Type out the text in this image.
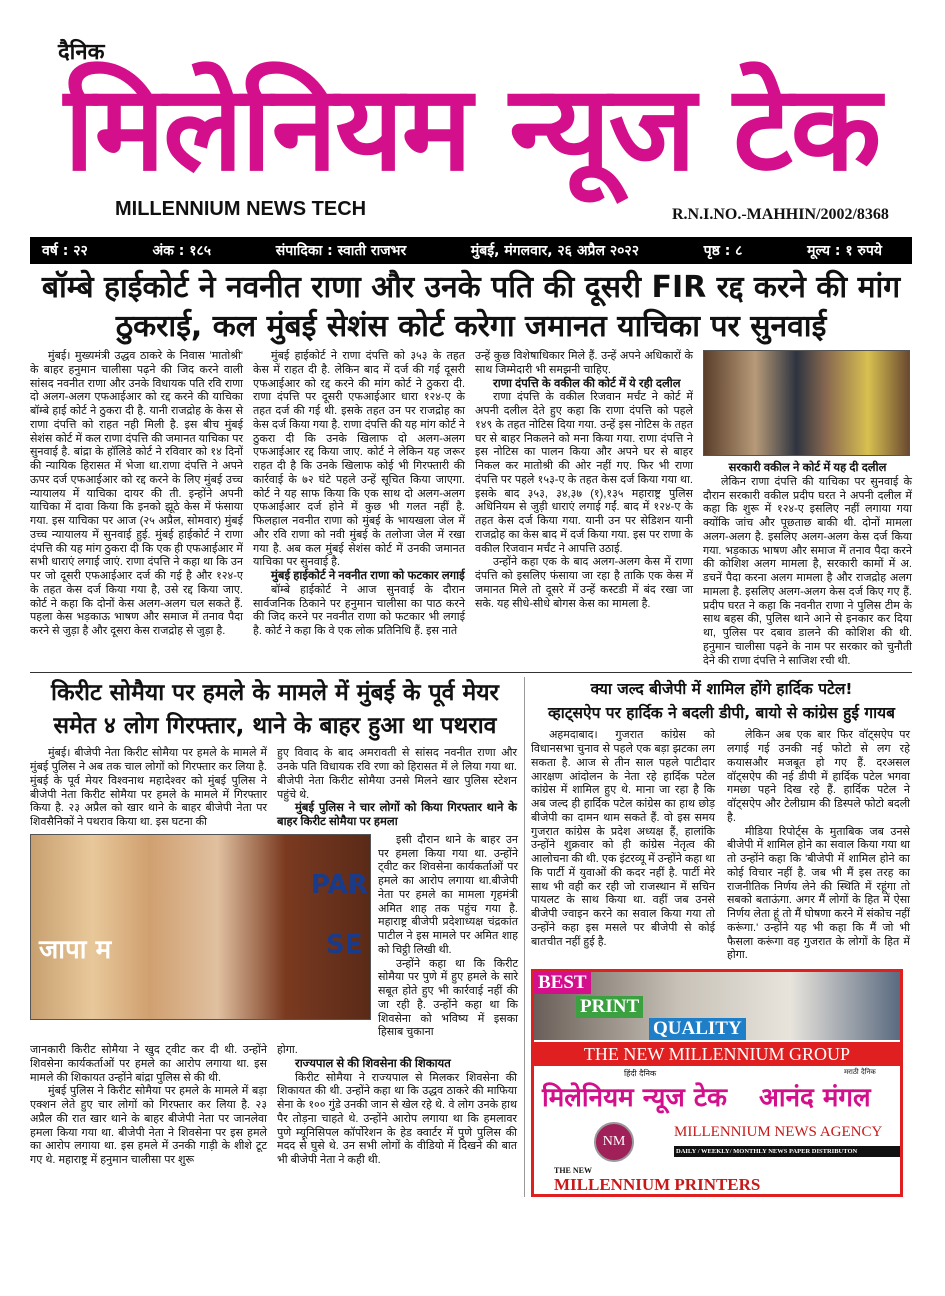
दैनिक
मिलेनियम न्यूज टेक
MILLENNIUM NEWS TECH	R.N.I.NO.-MAHHIN/2002/8368
वर्ष : २२	अंक : १८५	संपादिका : स्वाती राजभर	मुंबई, मंगलवार, २६ अप्रैल २०२२	पृष्ठ : ८	मूल्य : १ रुपये
बॉम्बे हाईकोर्ट ने नवनीत राणा और उनके पति की दूसरी FIR रद्द करने की मांग ठुकराई, कल मुंबई सेशंस कोर्ट करेगा जमानत याचिका पर सुनवाई

मुंबई। मुख्यमंत्री उद्धव ठाकरे के निवास 'मातोश्री' के बाहर हनुमान चालीसा पढ़ने की जिद करने वाली सांसद नवनीत राणा और उनके विधायक पति रवि राणा दो अलग-अलग एफआईआर को रद्द करने की याचिका बॉम्बे हाई कोर्ट ने ठुकरा दी है. यानी राजद्रोह के केस से राणा दंपत्ति को राहत नही मिली है. इस बीच मुंबई सेशंस कोर्ट में कल राणा दंपत्ति की जमानत याचिका पर सुनवाई है. बांद्रा के हॉलिडे कोर्ट ने रविवार को १४ दिनों की न्यायिक हिरासत में भेजा था.राणा दंपत्ति ने अपने ऊपर दर्ज एफआईआर को रद्द करने के लिए मुंबई उच्च न्यायालय में याचिका दायर की ती. इन्होंने अपनी याचिका में दावा किया कि इनको झूठे केस में फंसाया गया. इस याचिका पर आज (२५ अप्रैल, सोमवार) मुंबई उच्च न्यायालय में सुनवाई हुई. मुंबई हाईकोर्ट ने राणा दंपत्ति की यह मांग ठुकरा दी कि एक ही एफआईआर में सभी धाराएं लगाई जाएं. राणा दंपत्ति ने कहा था कि उन पर जो दूसरी एफआईआर दर्ज की गई है और १२४-ए के तहत केस दर्ज किया गया है, उसे रद्द किया जाए. कोर्ट ने कहा कि दोनों केस अलग-अलग चल सकते हैं. पहला केस भड़काऊ भाषण और समाज में तनाव पैदा करने से जुड़ा है और दूसरा केस राजद्रोह से जुड़ा है.

मुंबई हाईकोर्ट ने राणा दंपत्ति को ३५३ के तहत केस में राहत दी है. लेकिन बाद में दर्ज की गई दूसरी एफआईआर को रद्द करने की मांग कोर्ट ने ठुकरा दी. राणा दंपत्ति पर दूसरी एफआईआर धारा १२४-ए के तहत दर्ज की गई थी. इसके तहत उन पर राजद्रोह का केस दर्ज किया गया है. राणा दंपत्ति की यह मांग कोर्ट ने ठुकरा दी कि उनके खिलाफ दो अलग-अलग एफआईआर रद्द किया जाए. कोर्ट ने लेकिन यह जरूर राहत दी है कि उनके खिलाफ कोई भी गिरफ्तारी की कार्रवाई के ७२ घंटे पहले उन्हें सूचित किया जाएगा. कोर्ट ने यह साफ किया कि एक साथ दो अलग-अलग एफआईआर दर्ज होने में कुछ भी गलत नहीं है. फिलहाल नवनीत राणा को मुंबई के भायखला जेल में और रवि राणा को नवी मुंबई के तलोजा जेल में रखा गया है. अब कल मुंबई सेशंस कोर्ट में उनकी जमानत याचिका पर सुनवाई है.

मुंबई हाईकोर्ट ने नवनीत राणा को फटकार लगाई

बॉम्बे हाईकोर्ट ने आज सुनवाई के दौरान सार्वजनिक ठिकाने पर हनुमान चालीसा का पाठ करने की जिद करने पर नवनीत राणा को फटकार भी लगाई है. कोर्ट ने कहा कि वे एक लोक प्रतिनिधि हैं. इस नाते

उन्हें कुछ विशेषाधिकार मिले हैं. उन्हें अपने अधिकारों के साथ जिम्मेदारी भी समझनी चाहिए.

राणा दंपत्ति के वकील की कोर्ट में ये रही दलील

राणा दंपत्ति के वकील रिजवान मर्चंट ने कोर्ट में अपनी दलील देते हुए कहा कि राणा दंपत्ति को पहले १४९ के तहत नोटिस दिया गया. उन्हें इस नोटिस के तहत घर से बाहर निकलने को मना किया गया. राणा दंपत्ति ने इस नोटिस का पालन किया और अपने घर से बाहर निकल कर मातोश्री की ओर नहीं गए. फिर भी राणा दंपत्ति पर पहले १५३-ए के तहत केस दर्ज किया गया था. इसके बाद ३५३, ३४,३७ (१),१३५ महाराष्ट्र पुलिस अधिनियम से जुड़ी धाराएं लगाई गईं. बाद में १२४-ए के तहत केस दर्ज किया गया. यानी उन पर सेडिशन यानी राजद्रोह का केस बाद में दर्ज किया गया. इस पर राणा के वकील रिजवान मर्चंट ने आपत्ति उठाई.

उन्होंने कहा एक के बाद अलग-अलग केस में राणा दंपत्ति को इसलिए फंसाया जा रहा है ताकि एक केस में जमानत मिले तो दूसरे में उन्हें कस्टडी में बंद रखा जा सके. यह सीधे-सीधे बोगस केस का मामला है.

सरकारी वकील ने कोर्ट में यह दी दलील

लेकिन राणा दंपत्ति की याचिका पर सुनवाई के दौरान सरकारी वकील प्रदीप घरत ने अपनी दलील में कहा कि शुरू में १२४-ए इसलिए नहीं लगाया गया क्योंकि जांच और पूछताछ बाकी थी. दोनों मामला अलग-अलग है. इसलिए अलग-अलग केस दर्ज किया गया. भड़काऊ भाषण और समाज में तनाव पैदा करने की कोशिश अलग मामला है, सरकारी कामों में अ. डचनें पैदा करना अलग मामला है और राजद्रोह अलग मामला है. इसलिए अलग-अलग केस दर्ज किए गए हैं. प्रदीप घरत ने कहा कि नवनीत राणा ने पुलिस टीम के साथ बहस की, पुलिस थाने आने से इनकार कर दिया था, पुलिस पर दबाव डालने की कोशिश की थी. हनुमान चालीसा पढ़ने के नाम पर सरकार को चुनौती देने की राणा दंपत्ति ने साजिश रची थी.

किरीट सोमैया पर हमले के मामले में मुंबई के पूर्व मेयर समेत ४ लोग गिरफ्तार, थाने के बाहर हुआ था पथराव

मुंबई। बीजेपी नेता किरीट सोमैया पर हमले के मामले में मुंबई पुलिस ने अब तक चाल लोगों को गिरफ्तार कर लिया है. मुंबई के पूर्व मेयर विश्वनाथ महादेश्वर को मुंबई पुलिस ने बीजेपी नेता किरीट सोमैया पर हमले के मामले में गिरफ्तार किया है. २३ अप्रैल को खार थाने के बाहर बीजेपी नेता पर शिवसैनिकों ने पथराव किया था. इस घटना की

हुए विवाद के बाद अमरावती से सांसद नवनीत राणा और उनके पति विधायक रवि रणा को हिरासत में ले लिया गया था. बीजेपी नेता किरीट सोमैया उनसे मिलने खार पुलिस स्टेशन पहुंचे थे.

मुंबई पुलिस ने चार लोगों को किया गिरफ्तार थाने के बाहर किरीट सोमैया पर हमला
जापा म
PAR
SE

इसी दौरान थाने के बाहर उन पर हमला किया गया था. उन्होंने ट्वीट कर शिवसेना कार्यकर्ताओं पर हमले का आरोप लगाया था.बीजेपी नेता पर हमले का मामला गृहमंत्री अमित शाह तक पहुंच गया है. महाराष्ट्र बीजेपी प्रदेशाध्यक्ष चंद्रकांत पाटील ने इस मामले पर अमित शाह को चिट्ठी लिखी थी.

उन्होंने कहा था कि किरीट सोमैया पर पुणे में हुए हमले के सारे सबूत होते हुए भी कार्रवाई नहीं की जा रही है. उन्होंने कहा था कि शिवसेना को भविष्य में इसका हिसाब चुकाना

जानकारी किरीट सोमैया ने खुद ट्वीट कर दी थी. उन्होंने शिवसेना कार्यकर्ताओं पर हमले का आरोप लगाया था. इस मामले की शिकायत उन्होंने बांद्रा पुलिस से की थी.

मुंबई पुलिस ने किरीट सोमैया पर हमले के मामले में बड़ा एक्शन लेते हुए चार लोगों को गिरफ्तार कर लिया है. २३ अप्रैल की रात खार थाने के बाहर बीजेपी नेता पर जानलेवा हमला किया गया था. बीजेपी नेता ने शिवसेना पर इस हमले का आरोप लगाया था. इस हमले में उनकी गाड़ी के शीशे टूट गए थे. महाराष्ट्र में हनुमान चालीसा पर शुरू

होगा.

राज्यपाल से की शिवसेना की शिकायत

किरीट सोमैया ने राज्यपाल से मिलकर शिवसेना की शिकायत की थी. उन्होंने कहा था कि उद्धव ठाकरे की माफिया सेना के १०० गुंडे उनकी जान से खेल रहे थे. वे लोग उनके हाथ पैर तोड़ना चाहते थे. उन्होंने आरोप लगाया था कि हमलावर पुणे म्यूनिसिपल कॉर्पोरेशन के हेड क्वार्टर में पुणे पुलिस की मदद से घुसे थे. उन सभी लोगों के वीडियो में दिखने की बात भी बीजेपी नेता ने कही थी.

क्या जल्द बीजेपी में शामिल होंगे हार्दिक पटेल!
व्हाट्सऐप पर हार्दिक ने बदली डीपी, बायो से कांग्रेस हुई गायब

अहमदाबाद। गुजरात कांग्रेस को विधानसभा चुनाव से पहले एक बड़ा झटका लग सकता है. आज से तीन साल पहले पाटीदार आरक्षण आंदोलन के नेता रहे हार्दिक पटेल कांग्रेस में शामिल हुए थे. माना जा रहा है कि अब जल्द ही हार्दिक पटेल कांग्रेस का हाथ छोड़ बीजेपी का दामन थाम सकते हैं. वो इस समय गुजरात कांग्रेस के प्रदेश अध्यक्ष हैं, हालांकि उन्होंने शुक्रवार को ही कांग्रेस नेतृत्व की आलोचना की थी. एक इंटरव्यू में उन्होंने कहा था कि पार्टी में युवाओं की कदर नहीं है. पार्टी मेरे साथ भी वही कर रही जो राजस्थान में सचिन पायलट के साथ किया था. वहीं जब उनसे बीजेपी ज्वाइन करने का सवाल किया गया तो उन्होंने कहा इस मसले पर बीजेपी से कोई बातचीत नहीं हुई है.

लेकिन अब एक बार फिर वॉट्सऐप पर लगाई गई उनकी नई फोटो से लग रहे कयासऔर मजबूत हो गए हैं. दरअसल वॉट्सऐप की नई डीपी में हार्दिक पटेल भगवा गमछा पहने दिख रहे हैं. हार्दिक पटेल ने वॉट्सऐप और टेलीग्राम की डिस्पले फोटो बदली है.

मीडिया रिपोर्ट्स के मुताबिक जब उनसे बीजेपी में शामिल होने का सवाल किया गया था तो उन्होंने कहा कि 'बीजेपी में शामिल होने का कोई विचार नहीं है. जब भी मैं इस तरह का राजनीतिक निर्णय लेने की स्थिति में रहूंगा तो सबको बताऊंगा. अगर मैं लोगों के हित में ऐसा निर्णय लेता हूं तो मैं घोषणा करने में संकोच नहीं करूंगा.' उन्होंने यह भी कहा कि मैं जो भी फैसला करूंगा वह गुजरात के लोगों के हित में होगा.

BEST
PRINT
QUALITY
THE NEW MILLENNIUM GROUP
हिंदी दैनिक
मिलेनियम न्यूज टेक
मराठी दैनिक
आनंद मंगल
NM
MILLENNIUM NEWS AGENCY
DAILY / WEEKLY/ MONTHLY NEWS PAPER DISTRIBUTON
THE NEW
MILLENNIUM PRINTERS
